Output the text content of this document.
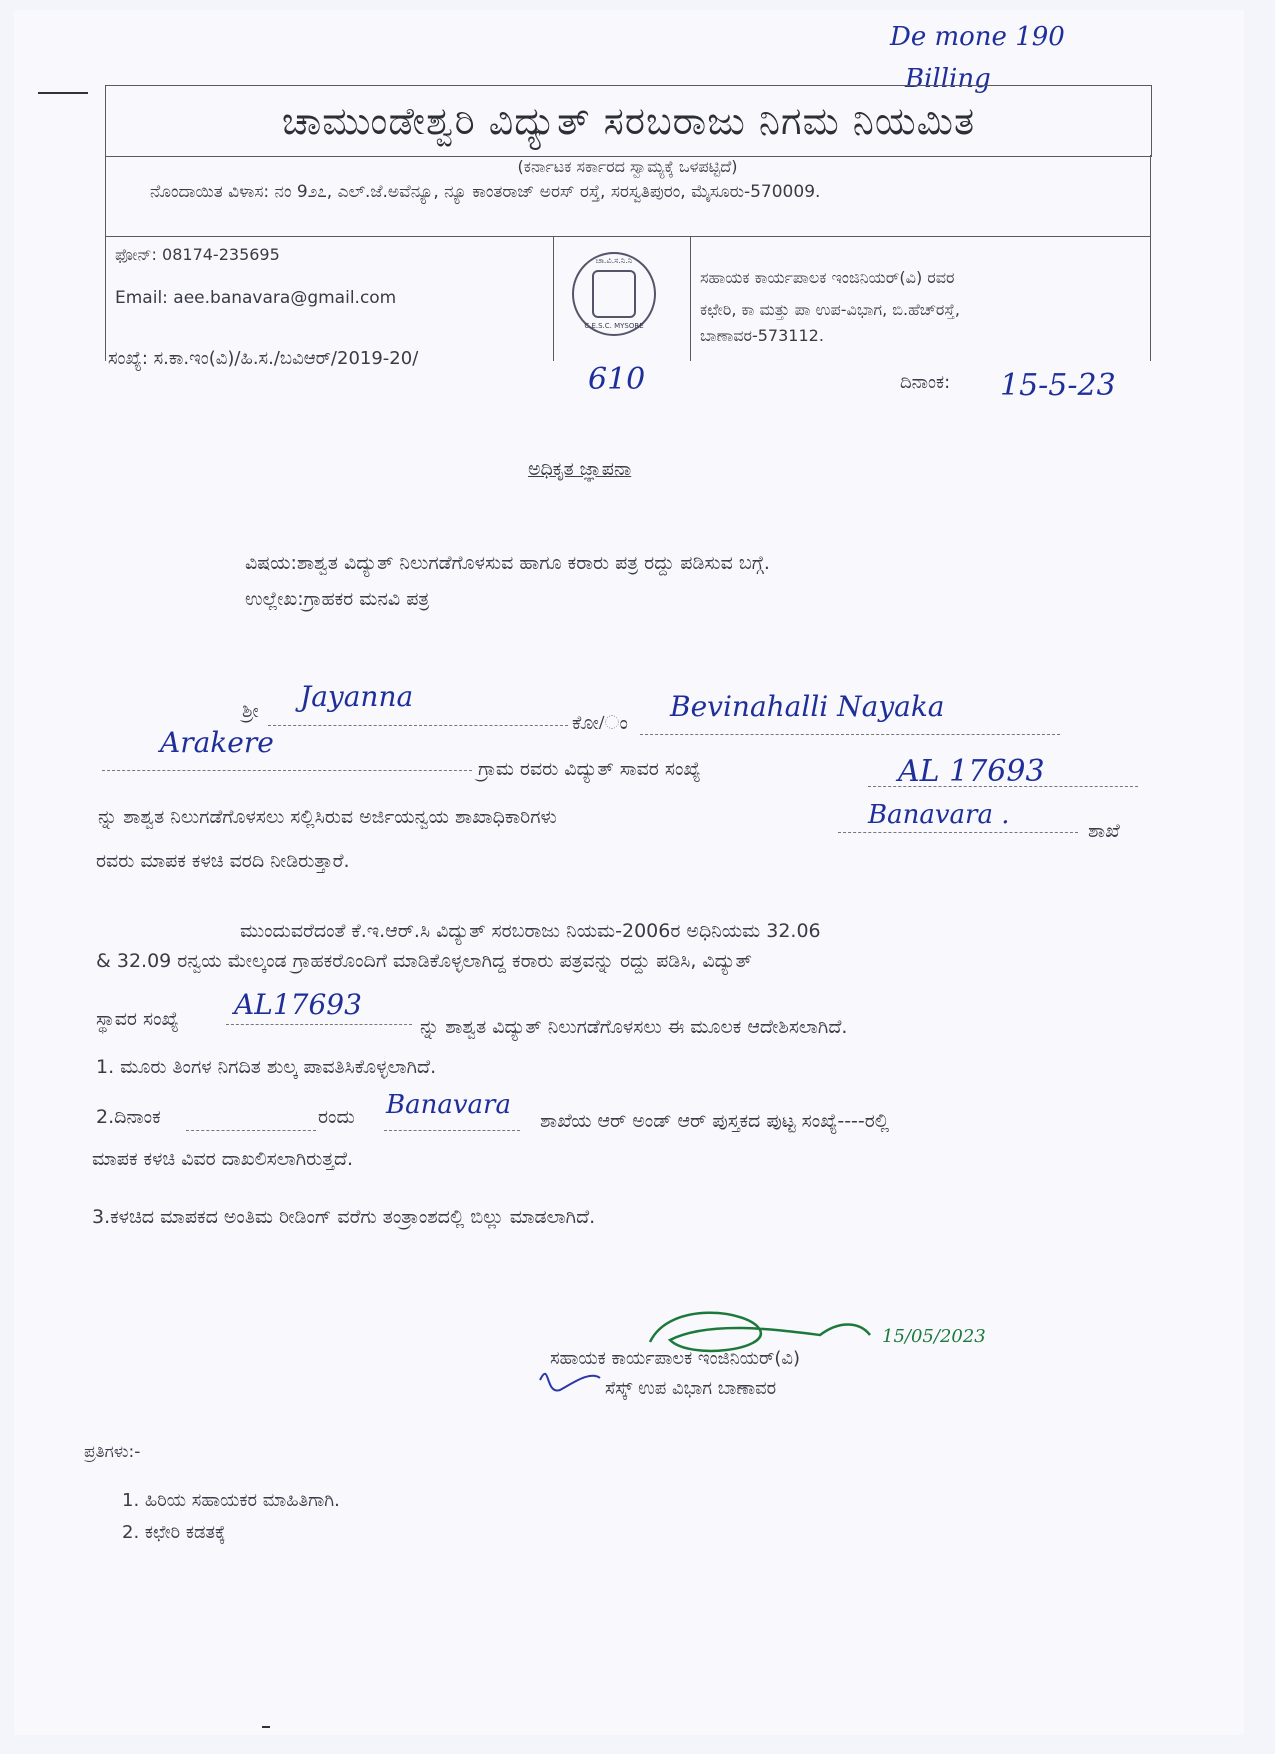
De mone 190
Billing
ಚಾಮುಂಡೇಶ್ವರಿ ವಿದ್ಯುತ್ ಸರಬರಾಜು ನಿಗಮ ನಿಯಮಿತ
(ಕರ್ನಾಟಕ ಸರ್ಕಾರದ ಸ್ವಾಮ್ಯಕ್ಕೆ ಒಳಪಟ್ಟಿದೆ)
ನೊಂದಾಯಿತ ವಿಳಾಸ: ನಂ 9೨೭, ಎಲ್.ಜೆ.ಅವೆನ್ಯೂ, ನ್ಯೂ ಕಾಂತರಾಜ್ ಅರಸ್ ರಸ್ತೆ, ಸರಸ್ವತಿಪುರಂ, ಮೈಸೂರು-570009.
ಫೋನ್: 08174-235695
Email: aee.banavara@gmail.com
ಚಾ.ವಿ.ಸ.ನಿ.ನಿ
C.E.S.C. MYSORE
ಸಹಾಯಕ ಕಾರ್ಯಪಾಲಕ ಇಂಜಿನಿಯರ್(ವಿ) ರವರ
ಕಛೇರಿ, ಕಾ ಮತ್ತು ಪಾ ಉಪ-ವಿಭಾಗ, ಬಿ.ಹೆಚ್‌ರಸ್ತೆ,
ಬಾಣಾವರ-573112.
ಸಂಖ್ಯೆ: ಸ.ಕಾ.ಇಂ(ವಿ)/ಹಿ.ಸ./ಬವಿಆರ್/2019-20/
610	ದಿನಾಂಕ: 15-5-23
ಅಧಿಕೃತ ಜ್ಞಾಪನಾ
ವಿಷಯ:ಶಾಶ್ವತ ವಿದ್ಯುತ್ ನಿಲುಗಡೆಗೊಳಸುವ ಹಾಗೂ ಕರಾರು ಪತ್ರ ರದ್ದು ಪಡಿಸುವ ಬಗ್ಗೆ.
ಉಲ್ಲೇಖ:ಗ್ರಾಹಕರ ಮನವಿ ಪತ್ರ
ಶ್ರೀ Jayanna
ಕೋ/ಂ Bevinahalli Nayaka
Arakere
ಗ್ರಾಮ ರವರು ವಿದ್ಯುತ್ ಸಾವರ ಸಂಖ್ಯೆ	AL 17693
ನ್ನು ಶಾಶ್ವತ ನಿಲುಗಡೆಗೊಳಸಲು ಸಲ್ಲಿಸಿರುವ ಅರ್ಜಿಯನ್ವಯ ಶಾಖಾಧಿಕಾರಿಗಳು	Banavara .
ಶಾಖೆ
ರವರು ಮಾಪಕ ಕಳಚಿ ವರದಿ ನೀಡಿರುತ್ತಾರೆ.
ಮುಂದುವರೆದಂತೆ ಕೆ.ಇ.ಆರ್.ಸಿ ವಿದ್ಯುತ್ ಸರಬರಾಜು ನಿಯಮ-2006ರ ಅಧಿನಿಯಮ 32.06
& 32.09 ರನ್ವಯ ಮೇಲ್ಕಂಡ ಗ್ರಾಹಕರೊಂದಿಗೆ ಮಾಡಿಕೊಳ್ಳಲಾಗಿದ್ದ ಕರಾರು ಪತ್ರವನ್ನು ರದ್ದು ಪಡಿಸಿ, ವಿದ್ಯುತ್
ಸ್ಥಾವರ ಸಂಖ್ಯೆ AL17693
ನ್ನು ಶಾಶ್ವತ ವಿದ್ಯುತ್ ನಿಲುಗಡೆಗೊಳಸಲು ಈ ಮೂಲಕ ಆದೇಶಿಸಲಾಗಿದೆ.
1. ಮೂರು ತಿಂಗಳ ನಿಗದಿತ ಶುಲ್ಕ ಪಾವತಿಸಿಕೊಳ್ಳಲಾಗಿದೆ.
2.ದಿನಾಂಕ	ರಂದು Banavara
ಶಾಖೆಯ ಆರ್ ಅಂಡ್ ಆರ್ ಪುಸ್ತಕದ ಪುಟ್ಟ ಸಂಖ್ಯೆ----ರಲ್ಲಿ
ಮಾಪಕ ಕಳಚಿ ವಿವರ ದಾಖಲಿಸಲಾಗಿರುತ್ತದೆ.
3.ಕಳಚಿದ ಮಾಪಕದ ಅಂತಿಮ ರೀಡಿಂಗ್ ವರೆಗು ತಂತ್ರಾಂಶದಲ್ಲಿ ಬಿಲ್ಲು ಮಾಡಲಾಗಿದೆ.
15/05/2023
ಸಹಾಯಕ ಕಾರ್ಯಪಾಲಕ ಇಂಜಿನಿಯರ್(ವಿ)
ಸೆಸ್ಕ್ ಉಪ ವಿಭಾಗ ಬಾಣಾವರ
ಪ್ರತಿಗಳು:-
1. ಹಿರಿಯ ಸಹಾಯಕರ ಮಾಹಿತಿಗಾಗಿ.
2. ಕಛೇರಿ ಕಡತಕ್ಕೆ
